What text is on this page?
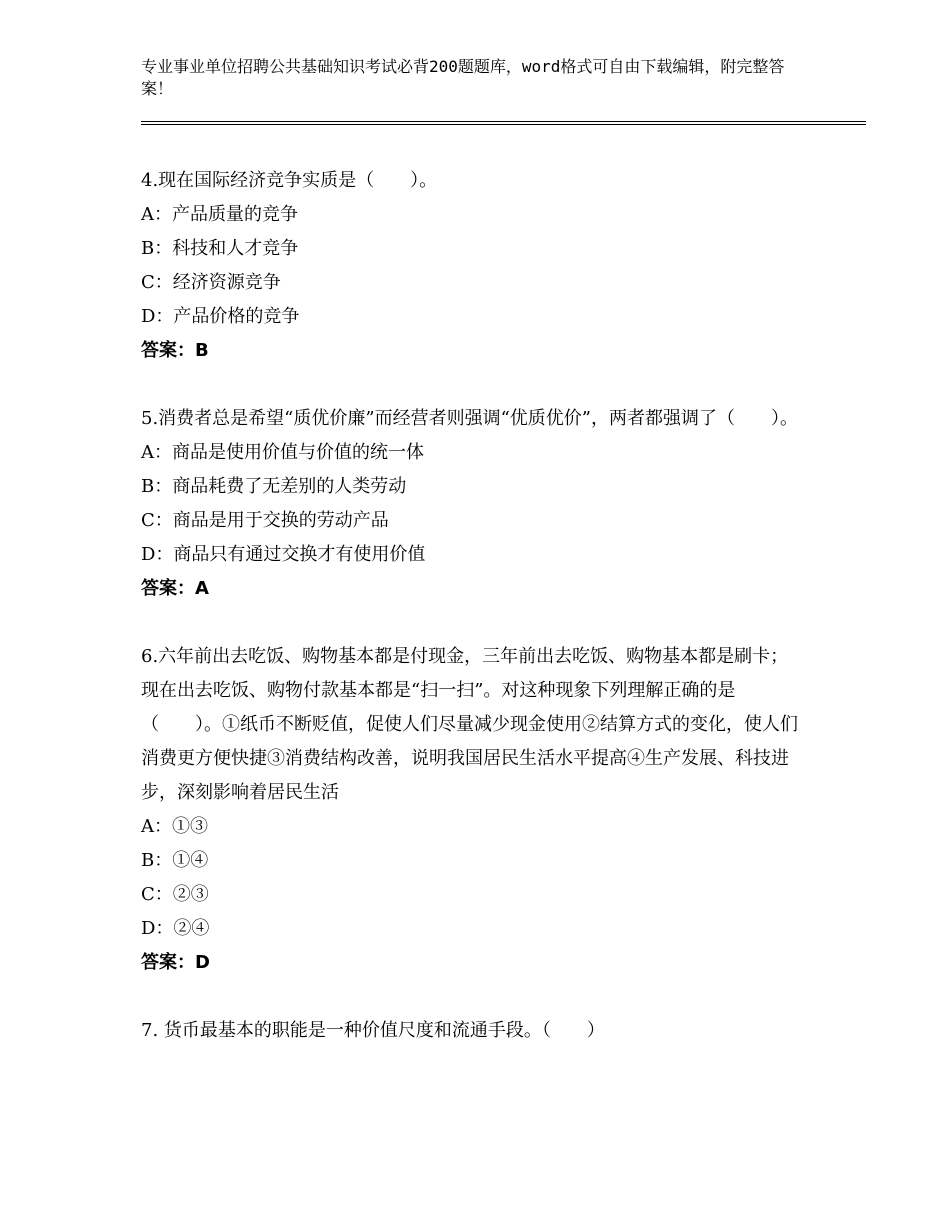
专业事业单位招聘公共基础知识考试必背200题题库，word格式可自由下载编辑，附完整答案！

4.现在国际经济竞争实质是（　　）。

A：产品质量的竞争

B：科技和人才竞争

C：经济资源竞争

D：产品价格的竞争

答案：B

5.消费者总是希望“质优价廉”而经营者则强调“优质优价”，两者都强调了（　　）。

A：商品是使用价值与价值的统一体

B：商品耗费了无差别的人类劳动

C：商品是用于交换的劳动产品

D：商品只有通过交换才有使用价值

答案：A

6.六年前出去吃饭、购物基本都是付现金，三年前出去吃饭、购物基本都是刷卡；现在出去吃饭、购物付款基本都是“扫一扫”。对这种现象下列理解正确的是（　　）。①纸币不断贬值，促使人们尽量减少现金使用②结算方式的变化，使人们消费更方便快捷③消费结构改善，说明我国居民生活水平提高④生产发展、科技进步，深刻影响着居民生活

A：①③

B：①④

C：②③

D：②④

答案：D

7. 货币最基本的职能是一种价值尺度和流通手段。（　　）
